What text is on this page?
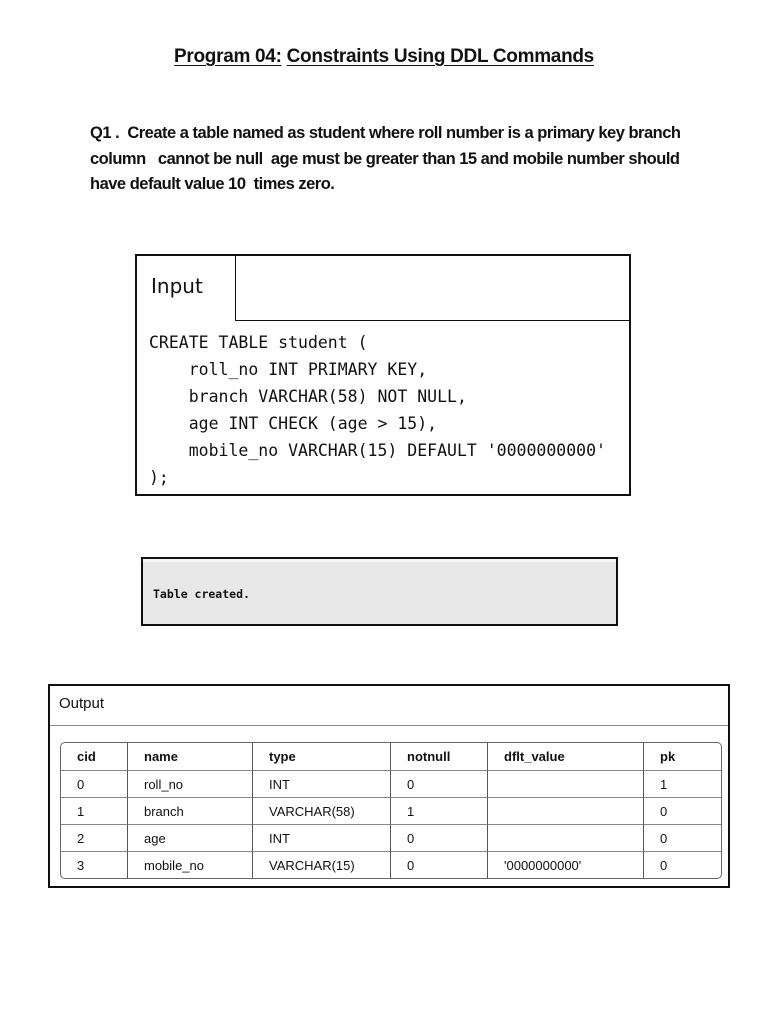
Program 04: Constraints Using DDL Commands
Q1 .  Create a table named as student where roll number is a primary key branch
column   cannot be null  age must be greater than 15 and mobile number should
have default value 10  times zero.
Input
CREATE TABLE student (
roll_no INT PRIMARY KEY,
branch VARCHAR(58) NOT NULL,
age INT CHECK (age > 15),
mobile_no VARCHAR(15) DEFAULT '0000000000'
);
Table created.
Output
cid	name	type	notnull	dflt_value	pk
0	roll_no	INT	0		1
1	branch	VARCHAR(58)	1		0
2	age	INT	0		0
3	mobile_no	VARCHAR(15)	0	'0000000000'	0
